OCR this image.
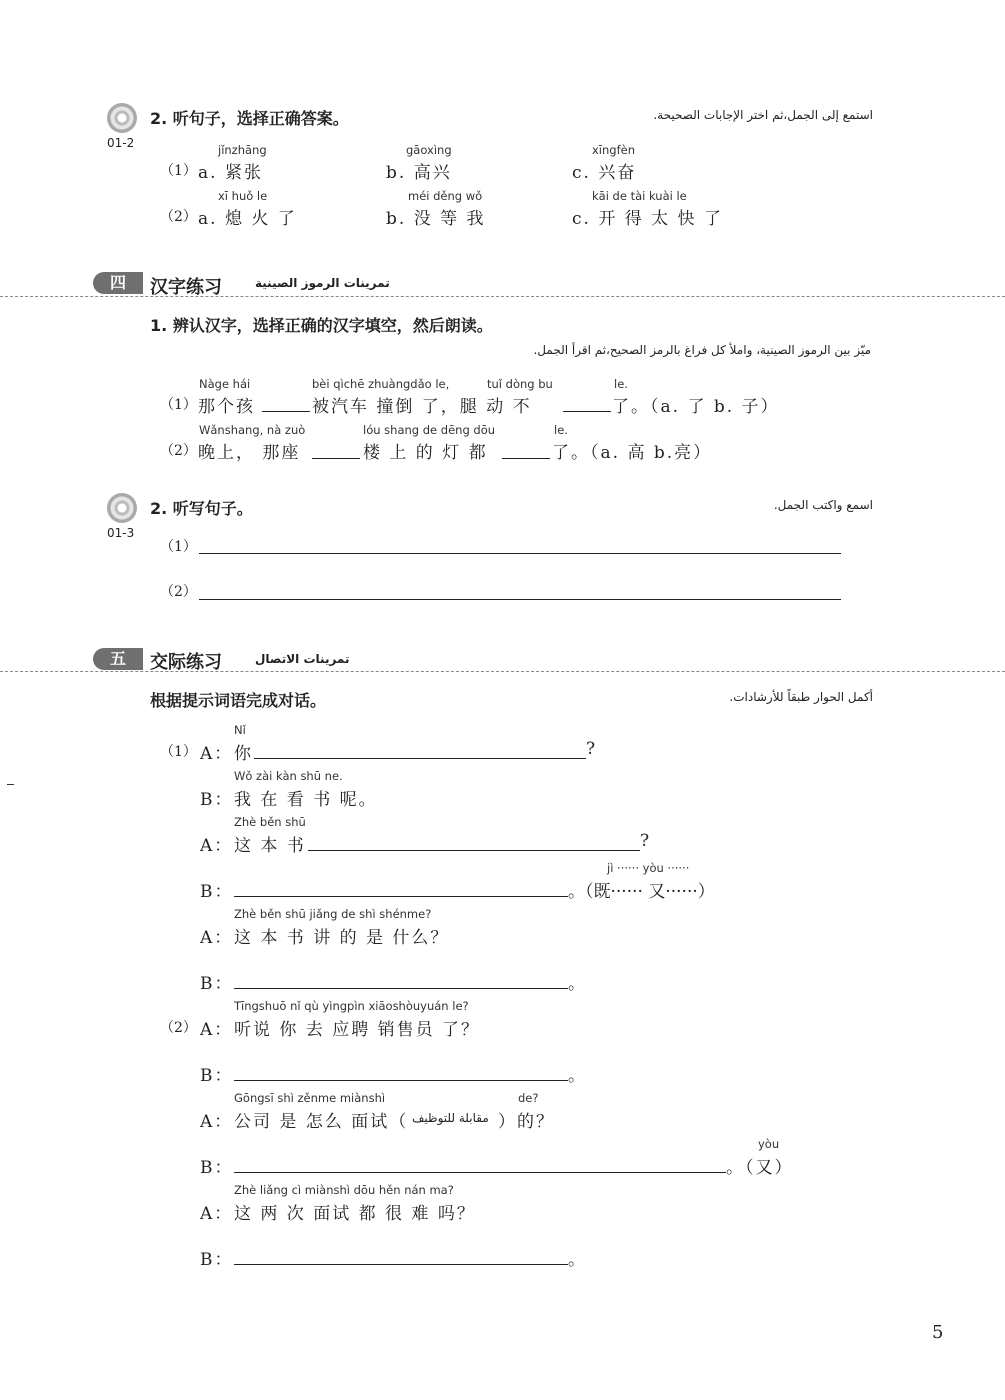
01-2
2. 听句子，选择正确答案。	استمع إلى الجمل،ثم اختر الإجابات الصحيحة.
（1）
jǐnzhāng
a. 紧张
gāoxìng
b. 高兴
xīngfèn
c. 兴奋
（2）
xī huǒ le
a. 熄 火 了
méi děng wǒ
b. 没 等 我
kāi de tài kuài le
c. 开 得 太 快 了
四	汉字练习	تمرينات الرموز الصينية
1. 辨认汉字，选择正确的汉字填空，然后朗读。
ميّز بين الرموز الصينية، واملأ كل فراغ بالرمز الصحيح،ثم اقرأ الجمل.
（1）
Nàge hái	bèi qìchē zhuàngdǎo le,	tuǐ dòng bu	le.
那个孩	被汽车 撞倒 了，腿 动 不	了。（a. 了 b. 子）
（2）
Wǎnshang, nà zuò	lóu shang de dēng dōu	le.
晚上， 那座	楼 上 的 灯 都	了。（a. 高 b.亮）
01-3
2. 听写句子。	اسمع واكتب الجمل.
（1）
（2）
五	交际练习	تمرينات الاتصال
根据提示词语完成对话。	أكمل الحوار طبقاً للأرشادات.
（1） A：
Nǐ
你	?
B：
Wǒ zài kàn shū ne.
我 在 看 书 呢。
A：
Zhè běn shū
这 本 书	?
B：
jì ······ yòu ······
。（既······ 又······）
A：
Zhè běn shū jiǎng de shì shénme?
这 本 书 讲 的 是 什么？
B：	。
（2） A：
Tīngshuō nǐ qù yìngpìn xiāoshòuyuán le?
听说 你 去 应聘 销售员 了？
B：	。
A：
Gōngsī shì zěnme miànshì	de?
公司 是 怎么 面试（ مقابلة للتوظيف ）的？
B：
yòu
。（又）
A：
Zhè liǎng cì miànshì dōu hěn nán ma?
这 两 次 面试 都 很 难 吗？
B：	。
5
